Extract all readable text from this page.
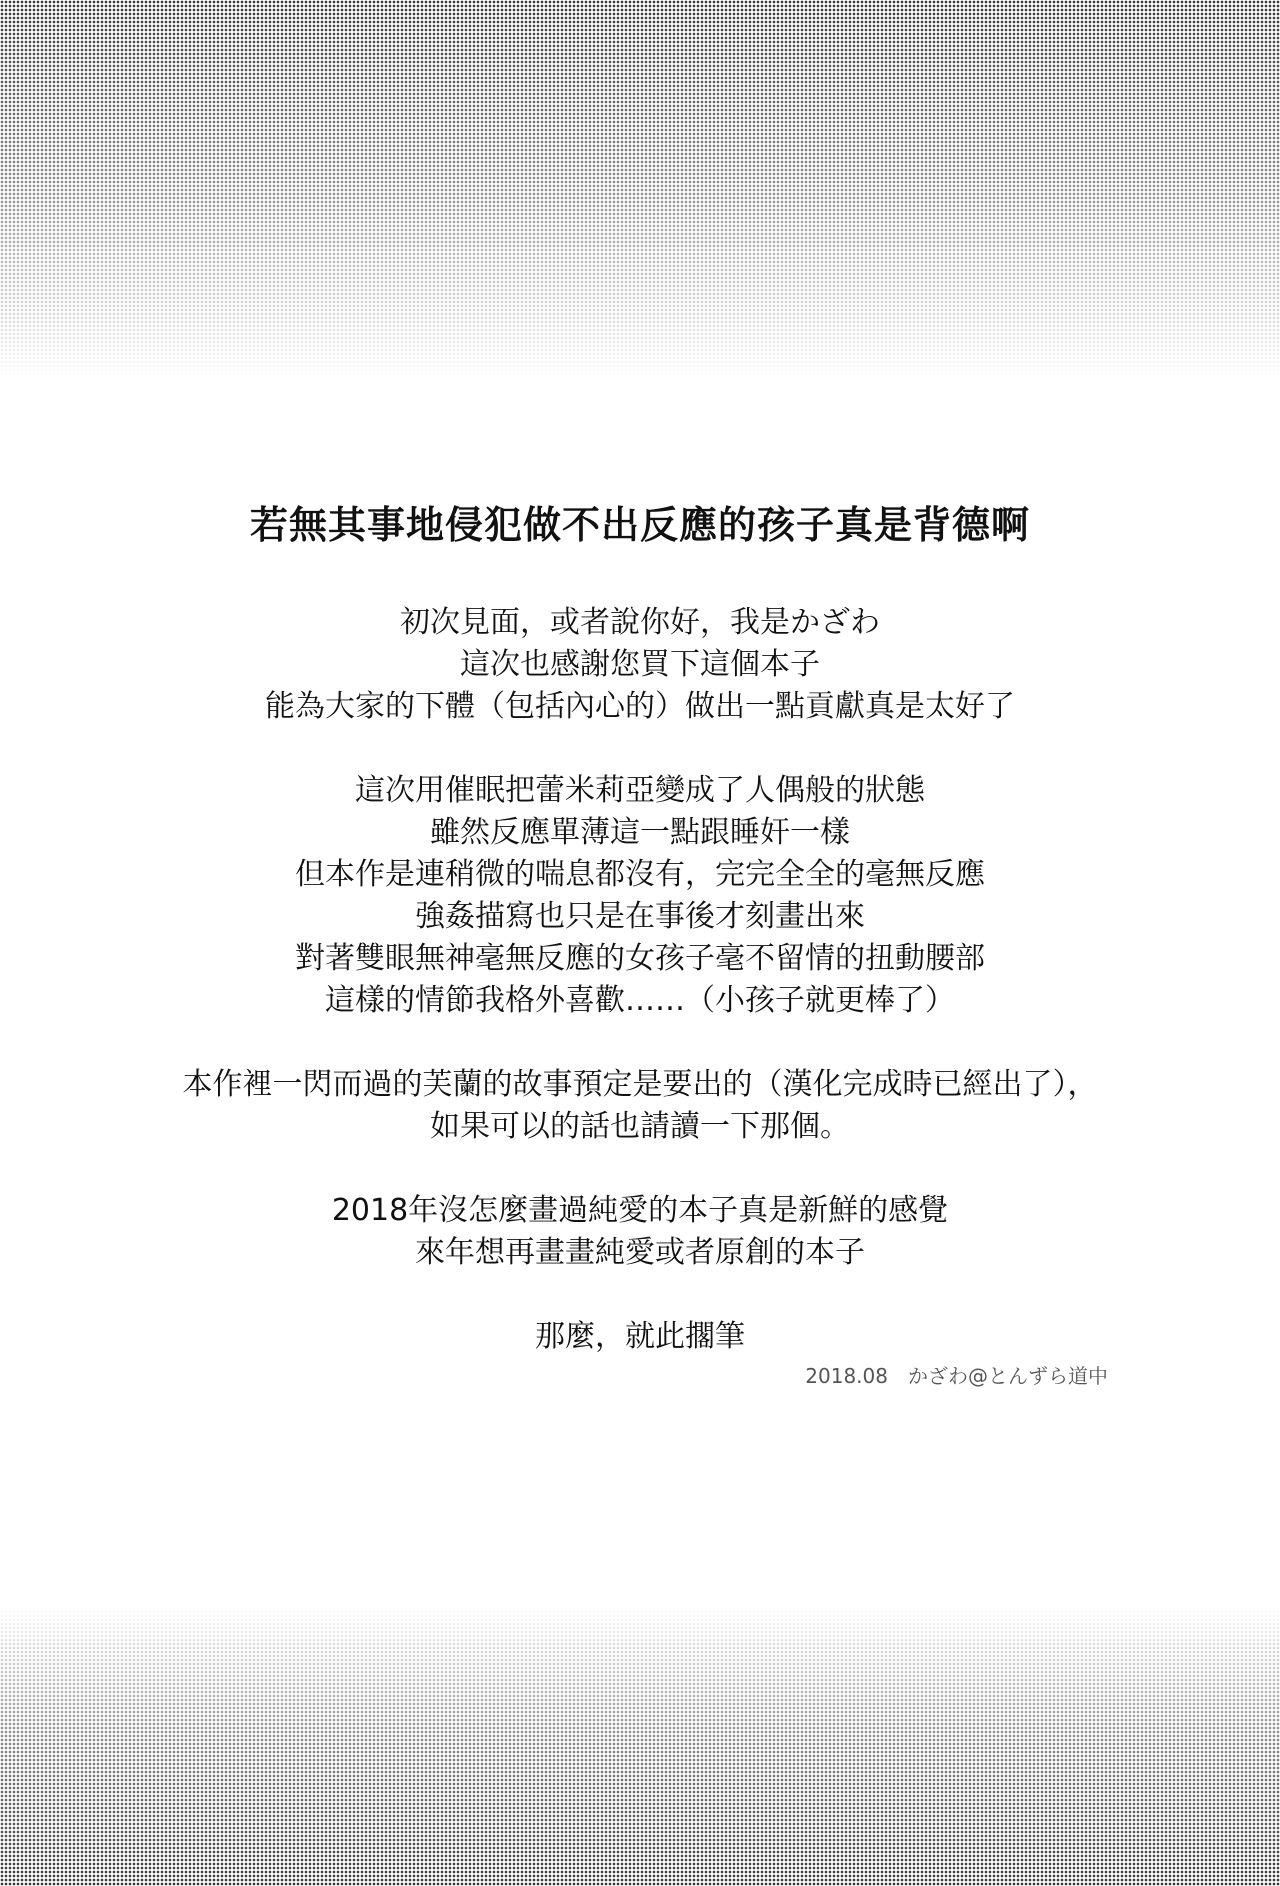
若無其事地侵犯做不出反應的孩子真是背德啊
初次見面，或者說你好，我是かざわ
這次也感謝您買下這個本子
能為大家的下體（包括內心的）做出一點貢獻真是太好了
這次用催眠把蕾米莉亞變成了人偶般的狀態
雖然反應單薄這一點跟睡奸一樣
但本作是連稍微的喘息都沒有，完完全全的毫無反應
強姦描寫也只是在事後才刻畫出來
對著雙眼無神毫無反應的女孩子毫不留情的扭動腰部
這樣的情節我格外喜歡……（小孩子就更棒了）
本作裡一閃而過的芙蘭的故事預定是要出的（漢化完成時已經出了），
如果可以的話也請讀一下那個。
2018年沒怎麼畫過純愛的本子真是新鮮的感覺
來年想再畫畫純愛或者原創的本子
那麼，就此擱筆
2018.08　かざわ@とんずら道中
